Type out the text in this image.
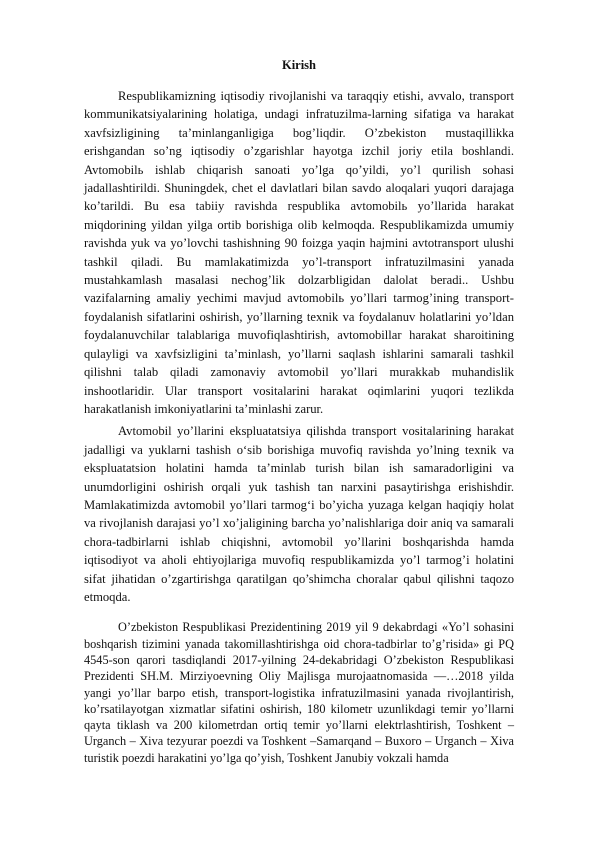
Kirish

Respublikamizning iqtisodiy rivojlanishi va taraqqiy etishi, avvalo, transport kommunikatsiyalarining holatiga, undagi infratuzilma-larning sifatiga va harakat xavfsizligining ta’minlanganligiga bog’liqdir. O’zbekiston mustaqillikka erishgandan so’ng iqtisodiy o’zgarishlar hayotga izchil joriy etila boshlandi. Avtomobilь ishlab chiqarish sanoati yo’lga qo’yildi, yo’l qurilish sohasi jadallashtirildi. Shuningdek, chet el davlatlari bilan savdo aloqalari yuqori darajaga ko’tarildi. Bu esa tabiiy ravishda respublika avtomobilь yo’llarida harakat miqdorining yildan yilga ortib borishiga olib kelmoqda. Respublikamizda umumiy ravishda yuk va yo’lovchi tashishning 90 foizga yaqin hajmini avtotransport ulushi tashkil qiladi. Bu mamlakatimizda yo’l-transport infratuzilmasini yanada mustahkamlash masalasi nechog’lik dolzarbligidan dalolat beradi.. Ushbu vazifalarning amaliy yechimi mavjud avtomobilь yo’llari tarmog’ining transport-foydalanish sifatlarini oshirish, yo’llarning texnik va foydalanuv holatlarini yo’ldan foydalanuvchilar talablariga muvofiqlashtirish, avtomobillar harakat sharoitining qulayligi va xavfsizligini ta’minlash, yo’llarni saqlash ishlarini samarali tashkil qilishni talab qiladi zamonaviy avtomobil yo’llari murakkab muhandislik inshootlaridir. Ular transport vositalarini harakat oqimlarini yuqori tezlikda harakatlanish imkoniyatlarini ta’minlashi zarur.

Avtomobil yo’llarini ekspluatatsiya qilishda transport vositalarining harakat jadalligi va yuklarni tashish o‘sib borishiga muvofiq ravishda yo’lning texnik va ekspluatatsion holatini hamda ta’minlab turish bilan ish samaradorligini va unumdorligini oshirish orqali yuk tashish tan narxini pasaytirishga erishishdir. Mamlakatimizda avtomobil yo’llari tarmog‘i bo’yicha yuzaga kelgan haqiqiy holat va rivojlanish darajasi yo’l xo’jaligining barcha yo’nalishlariga doir aniq va samarali chora-tadbirlarni ishlab chiqishni, avtomobil yo’llarini boshqarishda hamda iqtisodiyot va aholi ehtiyojlariga muvofiq respublikamizda yo’l tarmog’i holatini sifat jihatidan o’zgartirishga qaratilgan qo’shimcha choralar qabul qilishni taqozo etmoqda.

O’zbekiston Respublikasi Prezidentining 2019 yil 9 dekabrdagi «Yo’l sohasini boshqarish tizimini yanada takomillashtirishga oid chora-tadbirlar to’g’risida» gi PQ 4545-son qarori tasdiqlandi 2017-yilning 24-dekabridagi O’zbekiston Respublikasi Prezidenti SH.M. Mirziyoevning Oliy Majlisga murojaatnomasida ―…2018 yilda yangi yo’llar barpo etish, transport-logistika infratuzilmasini yanada rivojlantirish, ko’rsatilayotgan xizmatlar sifatini oshirish, 180 kilometr uzunlikdagi temir yo’llarni qayta tiklash va 200 kilometrdan ortiq temir yo’llarni elektrlashtirish, Toshkent – Urganch – Xiva tezyurar poezdi va Toshkent –Samarqand – Buxoro – Urganch – Xiva turistik poezdi harakatini yo’lga qo’yish, Toshkent Janubiy vokzali hamda
